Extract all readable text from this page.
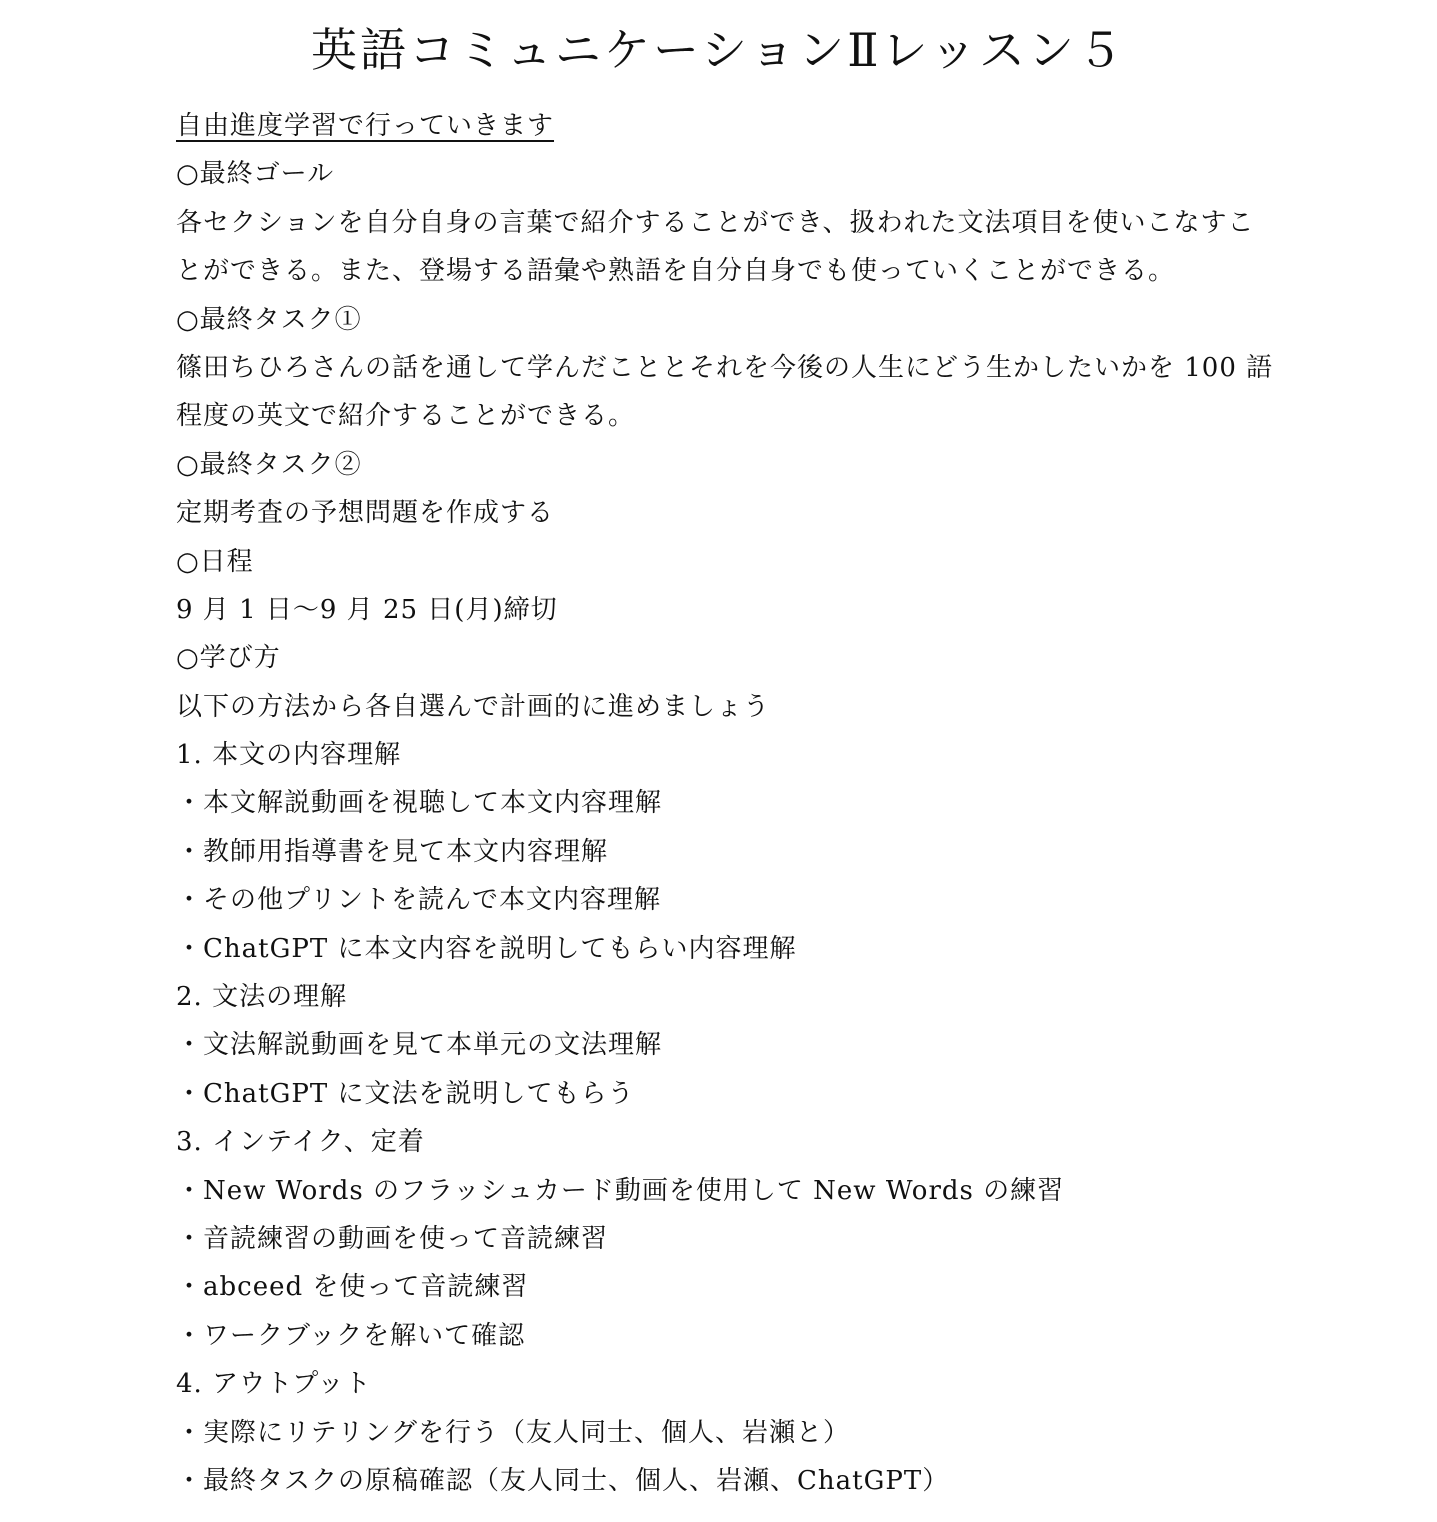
英語コミュニケーションⅡレッスン５

自由進度学習で行っていきます

○最終ゴール

各セクションを自分自身の言葉で紹介することができ、扱われた文法項目を使いこなすこ

とができる。また、登場する語彙や熟語を自分自身でも使っていくことができる。

○最終タスク①

篠田ちひろさんの話を通して学んだこととそれを今後の人生にどう生かしたいかを 100 語

程度の英文で紹介することができる。

○最終タスク②

定期考査の予想問題を作成する

○日程

9 月 1 日～9 月 25 日(月)締切

○学び方

以下の方法から各自選んで計画的に進めましょう

1. 本文の内容理解

・本文解説動画を視聴して本文内容理解

・教師用指導書を見て本文内容理解

・その他プリントを読んで本文内容理解

・ChatGPT に本文内容を説明してもらい内容理解

2. 文法の理解

・文法解説動画を見て本単元の文法理解

・ChatGPT に文法を説明してもらう

3. インテイク、定着

・New Words のフラッシュカード動画を使用して New Words の練習

・音読練習の動画を使って音読練習

・abceed を使って音読練習

・ワークブックを解いて確認

4. アウトプット

・実際にリテリングを行う（友人同士、個人、岩瀬と）

・最終タスクの原稿確認（友人同士、個人、岩瀬、ChatGPT）
